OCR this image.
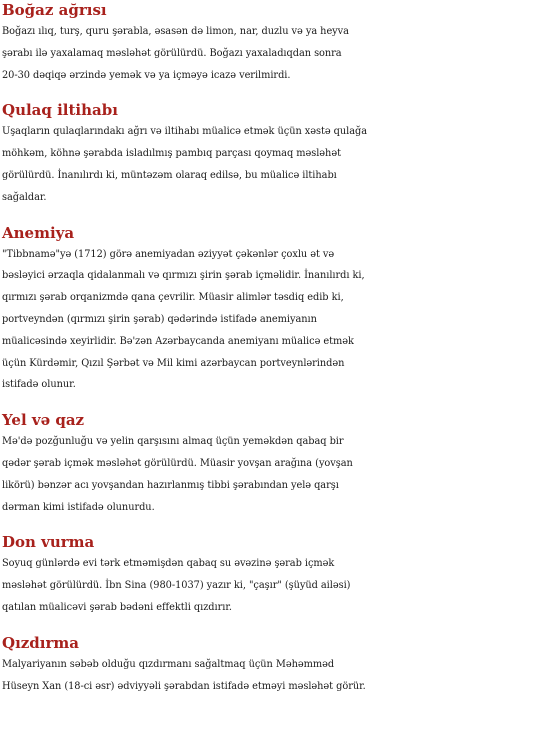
Boğaz ağrısı
Boğazı ılıq, turş, quru şərabla, əsasən də limon, nar, duzlu və ya heyva
şərabı ilə yaxalamaq məsləhət görülürdü. Boğazı yaxaladıqdan sonra
20-30 dəqiqə ərzində yemək və ya içməyə icazə verilmirdi.
Qulaq iltihabı
Uşaqların qulaqlarındakı ağrı və iltihabı müalicə etmək üçün xəstə qulağa
möhkəm, köhnə şərabda isladılmış pambıq parçası qoymaq məsləhət
görülürdü. İnanılırdı ki, müntəzəm olaraq edilsə, bu müalicə iltihabı
sağaldar.
Anemiya
"Tibbnamə"yə (1712) görə anemiyadan əziyyət çəkənlər çoxlu ət və
bəsləyici ərzaqla qidalanmalı və qırmızı şirin şərab içməlidir. İnanılırdı ki,
qırmızı şərab orqanizmdə qana çevrilir. Müasir alimlər təsdiq edib ki,
portveyndən (qırmızı şirin şərab) qədərində istifadə anemiyanın
müalicəsində xeyirlidir. Bə'zən Azərbaycanda anemiyanı müalicə etmək
üçün Kürdəmir, Qızıl Şərbət və Mil kimi azərbaycan portveynlərindən
istifadə olunur.
Yel və qaz
Mə'də pozğunluğu və yelin qarşısını almaq üçün yeməkdən qabaq bir
qədər şərab içmək məsləhət görülürdü. Müasir yovşan arağına (yovşan
likörü) bənzər acı yovşandan hazırlanmış tibbi şərabından yelə qarşı
dərman kimi istifadə olunurdu.
Don vurma
Soyuq günlərdə evi tərk etməmişdən qabaq su əvəzinə şərab içmək
məsləhət görülürdü. İbn Sina (980-1037) yazır ki, "çaşır" (şüyüd ailəsi)
qatılan müalicəvi şərab bədəni effektli qızdırır.
Qızdırma
Malyariyanın səbəb olduğu qızdırmanı sağaltmaq üçün Məhəmməd
Hüseyn Xan (18-ci əsr) ədviyyəli şərabdan istifadə etməyi məsləhət görür.
